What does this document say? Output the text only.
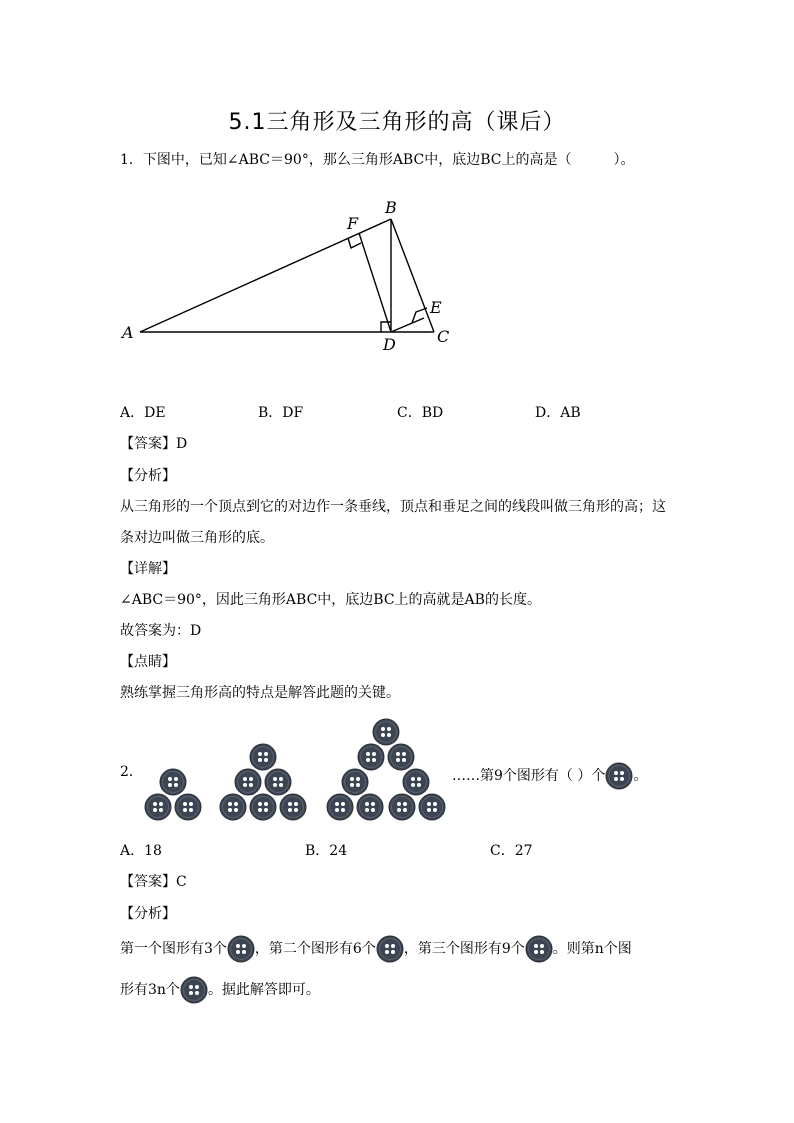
5.1三角形及三角形的高（课后）
1．下图中，已知∠ABC＝90°，那么三角形ABC中，底边BC上的高是（　　　）。
A
B
C
D
E
F
A．DE	B．DF	C．BD	D．AB
【答案】D
【分析】
从三角形的一个顶点到它的对边作一条垂线，顶点和垂足之间的线段叫做三角形的高；这
条对边叫做三角形的底。
【详解】
∠ABC＝90°，因此三角形ABC中，底边BC上的高就是AB的长度。
故答案为：D
【点睛】
熟练掌握三角形高的特点是解答此题的关键。
2．	……第9个图形有（ ）个 。
A．18	B．24	C．27
【答案】C
【分析】
第一个图形有3个 ，第二个图形有6个 ，第三个图形有9个 。则第n个图
形有3n个 。据此解答即可。
